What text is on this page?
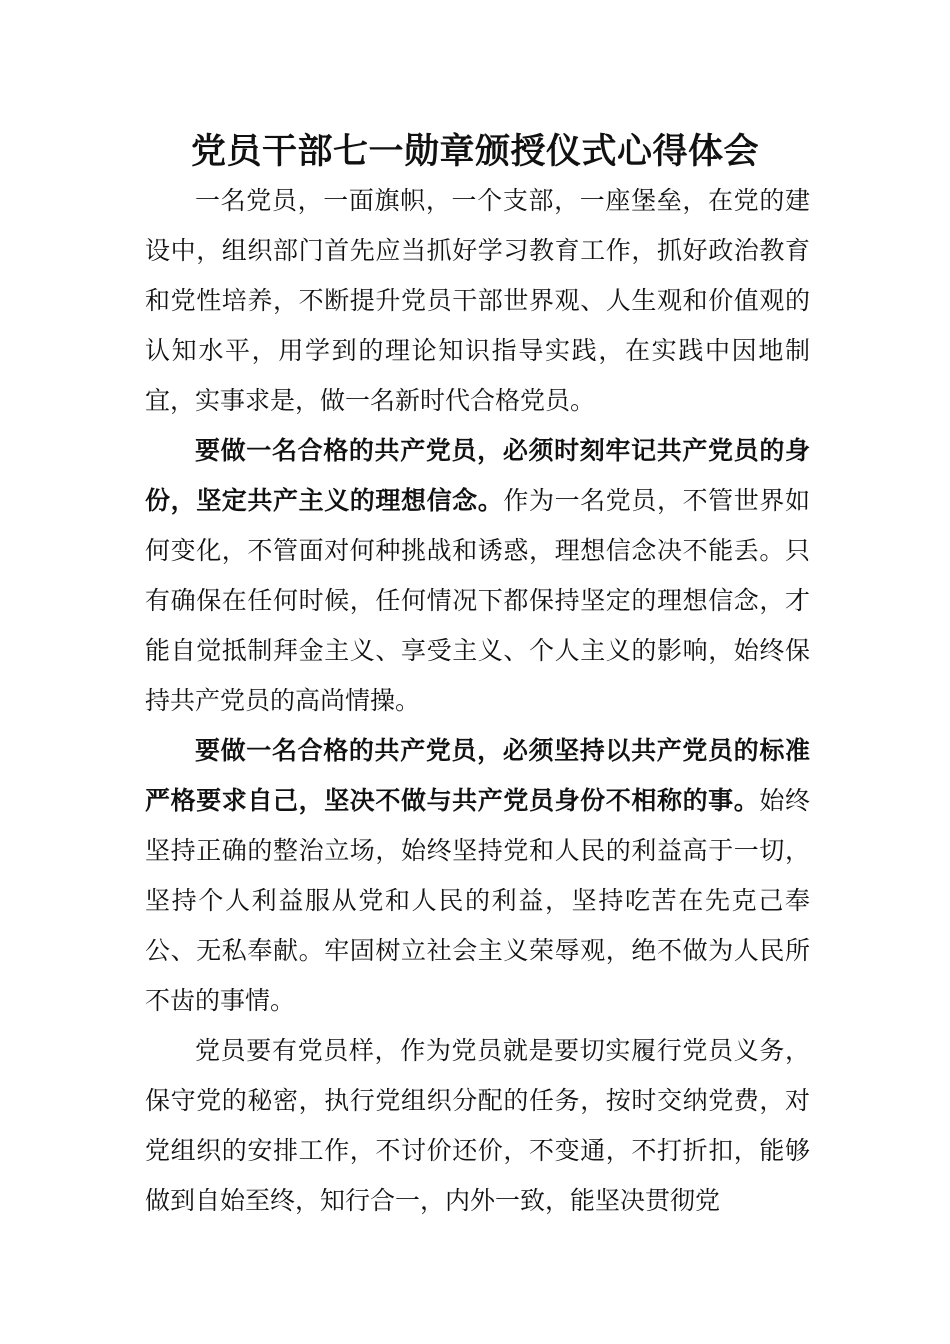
党员干部七一勋章颁授仪式心得体会

一名党员，一面旗帜，一个支部，一座堡垒，在党的建设中，组织部门首先应当抓好学习教育工作，抓好政治教育和党性培养，不断提升党员干部世界观、人生观和价值观的认知水平，用学到的理论知识指导实践，在实践中因地制宜，实事求是，做一名新时代合格党员。

要做一名合格的共产党员，必须时刻牢记共产党员的身份，坚定共产主义的理想信念。作为一名党员，不管世界如何变化，不管面对何种挑战和诱惑，理想信念决不能丢。只有确保在任何时候，任何情况下都保持坚定的理想信念，才能自觉抵制拜金主义、享受主义、个人主义的影响，始终保持共产党员的高尚情操。

要做一名合格的共产党员，必须坚持以共产党员的标准严格要求自己，坚决不做与共产党员身份不相称的事。始终坚持正确的整治立场，始终坚持党和人民的利益高于一切，坚持个人利益服从党和人民的利益，坚持吃苦在先克己奉公、无私奉献。牢固树立社会主义荣辱观，绝不做为人民所不齿的事情。

党员要有党员样，作为党员就是要切实履行党员义务，保守党的秘密，执行党组织分配的任务，按时交纳党费，对党组织的安排工作，不讨价还价，不变通，不打折扣，能够做到自始至终，知行合一，内外一致，能坚决贯彻党
